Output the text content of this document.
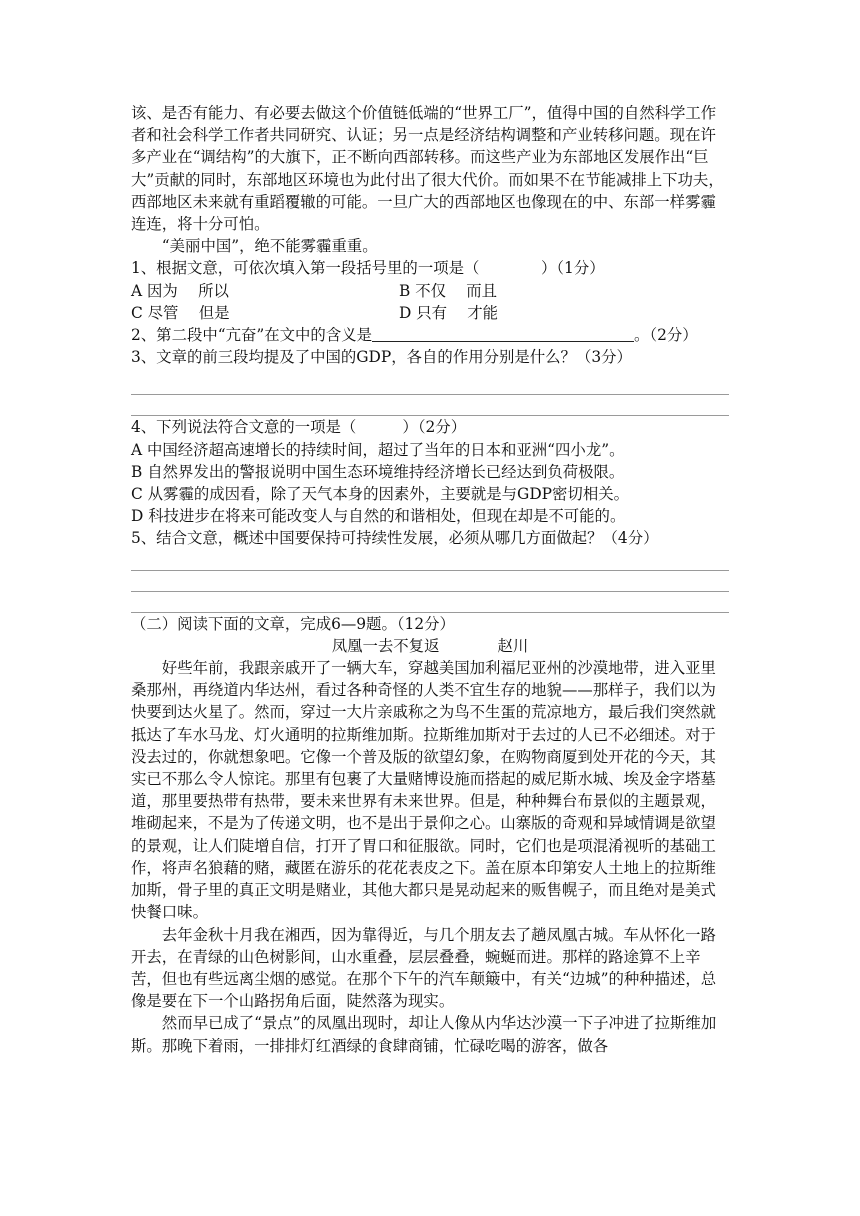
该、是否有能力、有必要去做这个价值链低端的“世界工厂”，值得中国的自然科学工作者和社会科学工作者共同研究、认证；另一点是经济结构调整和产业转移问题。现在许多产业在“调结构”的大旗下，正不断向西部转移。而这些产业为东部地区发展作出“巨大”贡献的同时，东部地区环境也为此付出了很大代价。而如果不在节能减排上下功夫，西部地区未来就有重蹈覆辙的可能。一旦广大的西部地区也像现在的中、东部一样雾霾连连，将十分可怕。

“美丽中国”，绝不能雾霾重重。

1、根据文意，可依次填入第一段括号里的一项是（　　　　）（1分）

A 因为　 所以	B 不仅　 而且
C 尽管　 但是	D 只有　 才能

2、第二段中“亢奋”在文中的含义是	。（2分）

3、文章的前三段均提及了中国的GDP，各自的作用分别是什么？（3分）

4、下列说法符合文意的一项是（　　　）（2分）

A 中国经济超高速增长的持续时间，超过了当年的日本和亚洲“四小龙”。

B 自然界发出的警报说明中国生态环境维持经济增长已经达到负荷极限。

C 从雾霾的成因看，除了天气本身的因素外，主要就是与GDP密切相关。

D 科技进步在将来可能改变人与自然的和谐相处，但现在却是不可能的。

5、结合文意，概述中国要保持可持续性发展，必须从哪几方面做起？（4分）

（二）阅读下面的文章，完成6—9题。（12分）

凤凰一去不复返	赵川

好些年前，我跟亲戚开了一辆大车，穿越美国加利福尼亚州的沙漠地带，进入亚里桑那州，再绕道内华达州，看过各种奇怪的人类不宜生存的地貌——那样子，我们以为快要到达火星了。然而，穿过一大片亲戚称之为鸟不生蛋的荒凉地方，最后我们突然就抵达了车水马龙、灯火通明的拉斯维加斯。拉斯维加斯对于去过的人已不必细述。对于没去过的，你就想象吧。它像一个普及版的欲望幻象，在购物商厦到处开花的今天，其实已不那么令人惊诧。那里有包裹了大量赌博设施而搭起的威尼斯水城、埃及金字塔墓道，那里要热带有热带，要未来世界有未来世界。但是，种种舞台布景似的主题景观，堆砌起来，不是为了传递文明，也不是出于景仰之心。山寨版的奇观和异域情调是欲望的景观，让人们陡增自信，打开了胃口和征服欲。同时，它们也是项混淆视听的基础工作，将声名狼藉的赌，藏匿在游乐的花花表皮之下。盖在原本印第安人土地上的拉斯维加斯，骨子里的真正文明是赌业，其他大都只是晃动起来的贩售幌子，而且绝对是美式快餐口味。

去年金秋十月我在湘西，因为靠得近，与几个朋友去了趟凤凰古城。车从怀化一路开去，在青绿的山色树影间，山水重叠，层层叠叠，蜿蜒而进。那样的路途算不上辛苦，但也有些远离尘烟的感觉。在那个下午的汽车颠簸中，有关“边城”的种种描述，总像是要在下一个山路拐角后面，陡然落为现实。

然而早已成了“景点”的凤凰出现时，却让人像从内华达沙漠一下子冲进了拉斯维加斯。那晚下着雨，一排排灯红酒绿的食肆商铺，忙碌吃喝的游客，做各
